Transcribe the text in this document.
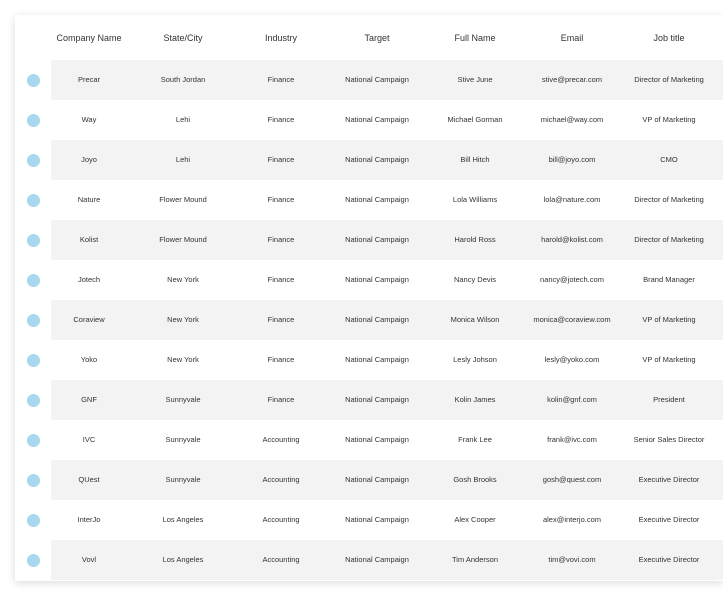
Company Name	State/City	Industry	Target	Full Name	Email	Job title
Precar	South Jordan	Finance	National Campaign	Stive June	stive@precar.com	Director of Marketing
Way	Lehi	Finance	National Campaign	Michael Gorman	michael@way.com	VP of Marketing
Joyo	Lehi	Finance	National Campaign	Bill Hitch	bill@joyo.com	CMO
Nature	Flower Mound	Finance	National Campaign	Lola Williams	lola@nature.com	Director of Marketing
Kolist	Flower Mound	Finance	National Campaign	Harold Ross	harold@kolist.com	Director of Marketing
Jotech	New York	Finance	National Campaign	Nancy Devis	nancy@jotech.com	Brand Manager
Coraview	New York	Finance	National Campaign	Monica Wilson	monica@coraview.com	VP of Marketing
Yoko	New York	Finance	National Campaign	Lesly Johson	lesly@yoko.com	VP of Marketing
GNF	Sunnyvale	Finance	National Campaign	Kolin James	kolin@gnf.com	President
IVC	Sunnyvale	Accounting	National Campaign	Frank Lee	frank@ivc.com	Senior Sales Director
QUest	Sunnyvale	Accounting	National Campaign	Gosh Brooks	gosh@quest.com	Executive Director
InterJo	Los Angeles	Accounting	National Campaign	Alex Cooper	alex@interjo.com	Executive Director
Vovl	Los Angeles	Accounting	National Campaign	Tim Anderson	tim@vovi.com	Executive Director
